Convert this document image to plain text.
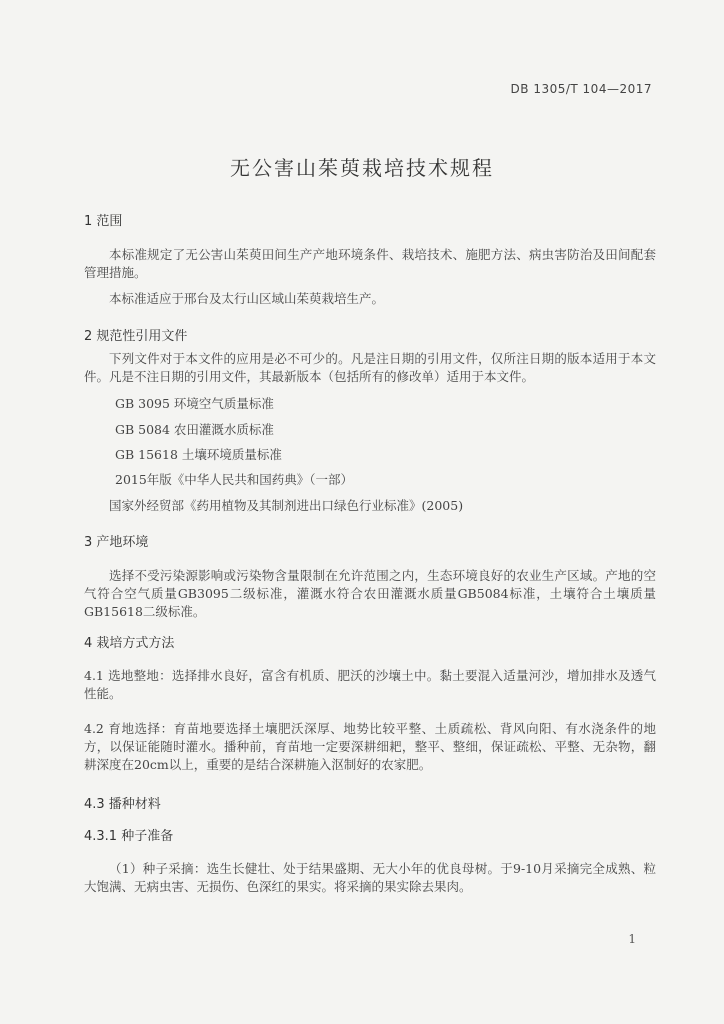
DB 1305/T 104—2017
无公害山茱萸栽培技术规程
1 范围
本标准规定了无公害山茱萸田间生产产地环境条件、栽培技术、施肥方法、病虫害防治及田间配套管理措施。
本标准适应于邢台及太行山区域山茱萸栽培生产。
2 规范性引用文件
下列文件对于本文件的应用是必不可少的。凡是注日期的引用文件，仅所注日期的版本适用于本文件。凡是不注日期的引用文件，其最新版本（包括所有的修改单）适用于本文件。
GB 3095 环境空气质量标准
GB 5084 农田灌溉水质标准
GB 15618 土壤环境质量标准
2015年版《中华人民共和国药典》（一部）
国家外经贸部《药用植物及其制剂进出口绿色行业标准》(2005)
3 产地环境
选择不受污染源影响或污染物含量限制在允许范围之内，生态环境良好的农业生产区域。产地的空气符合空气质量GB3095二级标准，灌溉水符合农田灌溉水质量GB5084标准，土壤符合土壤质量GB15618二级标准。
4 栽培方式方法
4.1 选地整地：选择排水良好，富含有机质、肥沃的沙壤土中。黏土要混入适量河沙，增加排水及透气性能。
4.2 育地选择：育苗地要选择土壤肥沃深厚、地势比较平整、土质疏松、背风向阳、有水浇条件的地方，以保证能随时灌水。播种前，育苗地一定要深耕细耙，整平、整细，保证疏松、平整、无杂物，翻耕深度在20cm以上，重要的是结合深耕施入沤制好的农家肥。
4.3 播种材料
4.3.1 种子准备
（1）种子采摘：选生长健壮、处于结果盛期、无大小年的优良母树。于9-10月采摘完全成熟、粒大饱满、无病虫害、无损伤、色深红的果实。将采摘的果实除去果肉。
1
